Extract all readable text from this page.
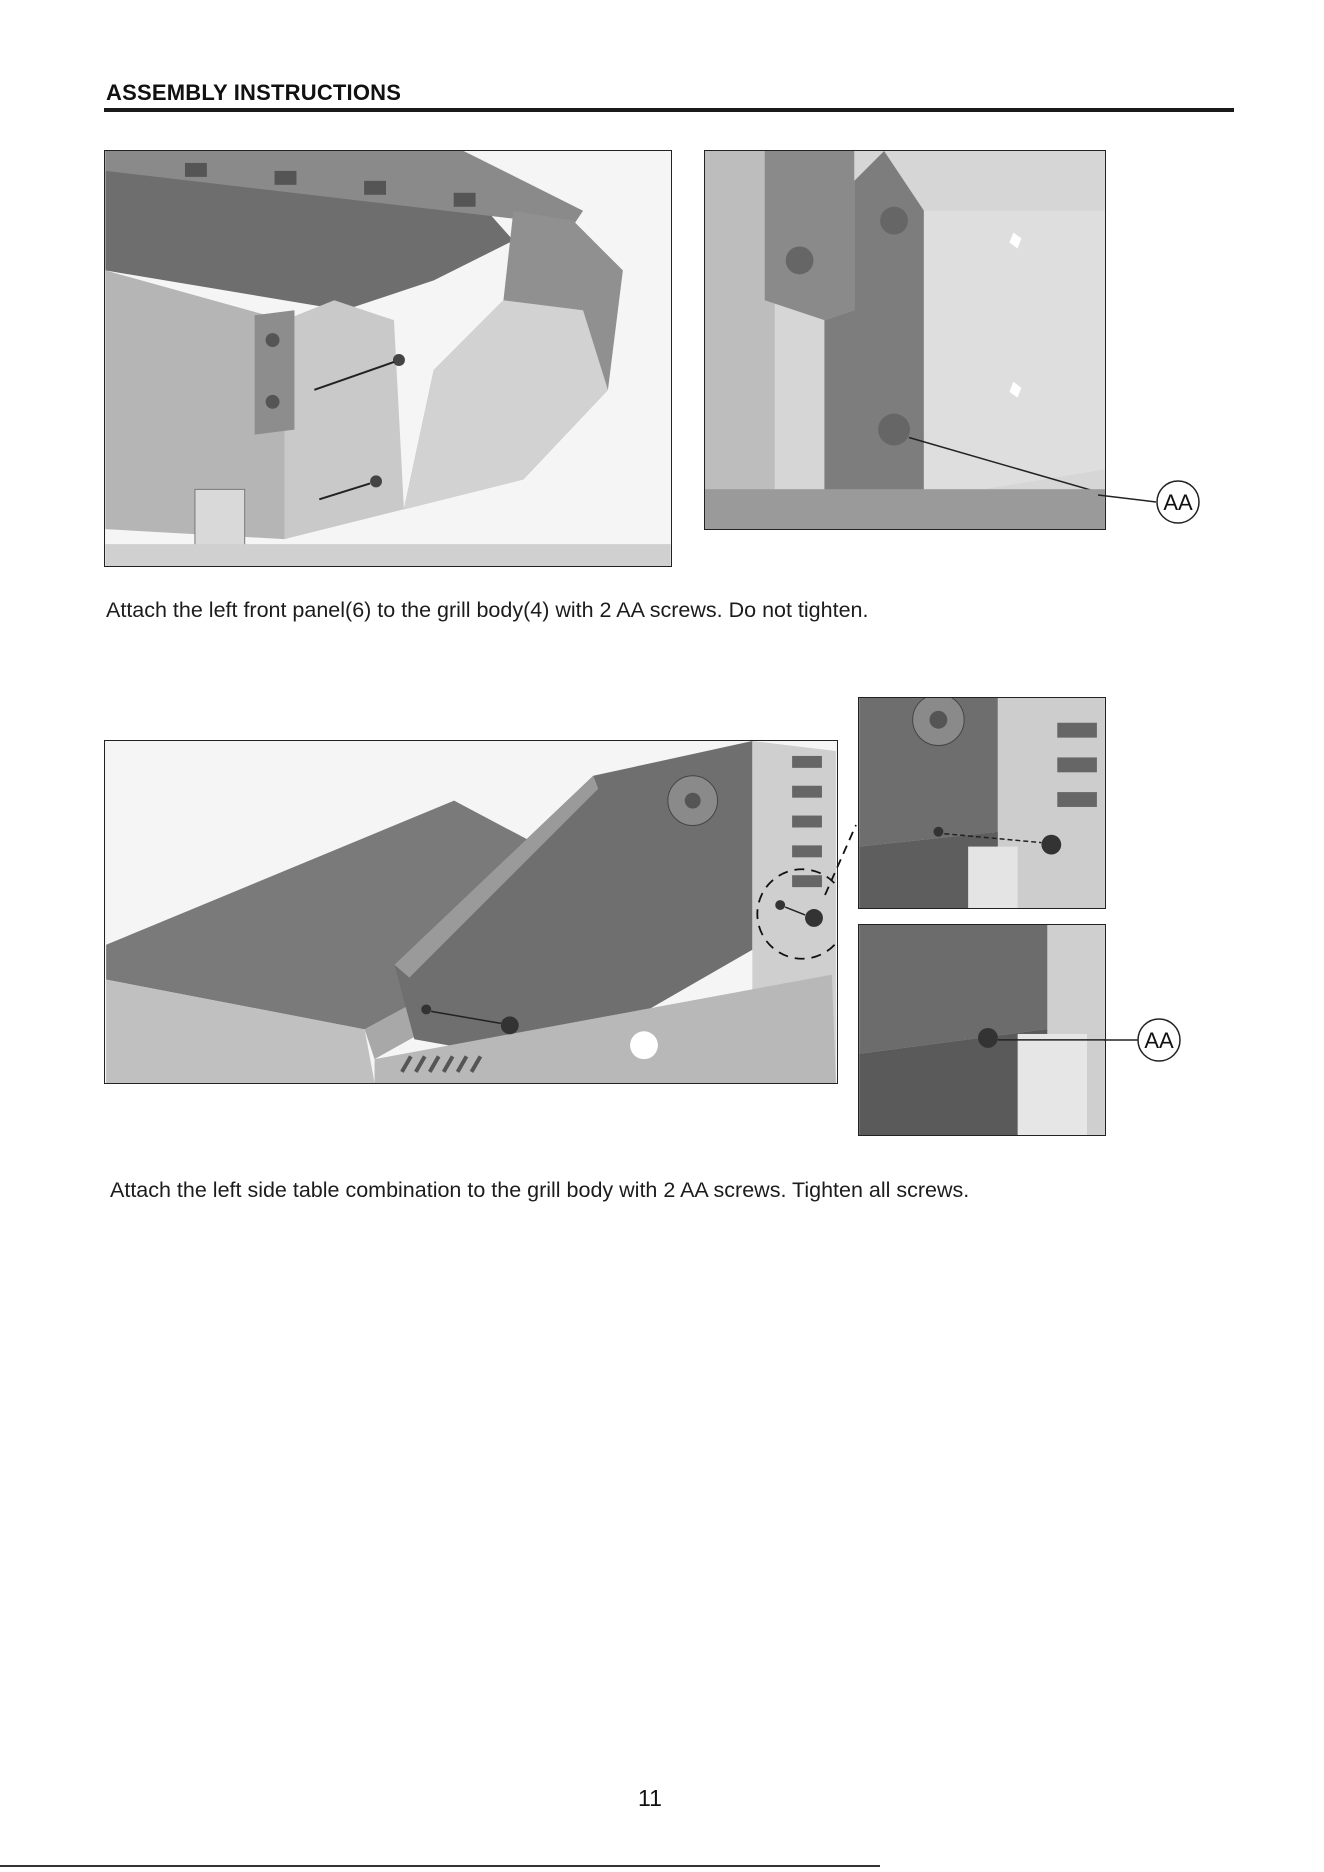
ASSEMBLY INSTRUCTIONS
AA
Attach the left front panel(6) to the grill body(4) with 2 AA screws. Do not tighten.
AA
Attach the left side table combination to the grill body with 2 AA screws. Tighten all screws.
11
